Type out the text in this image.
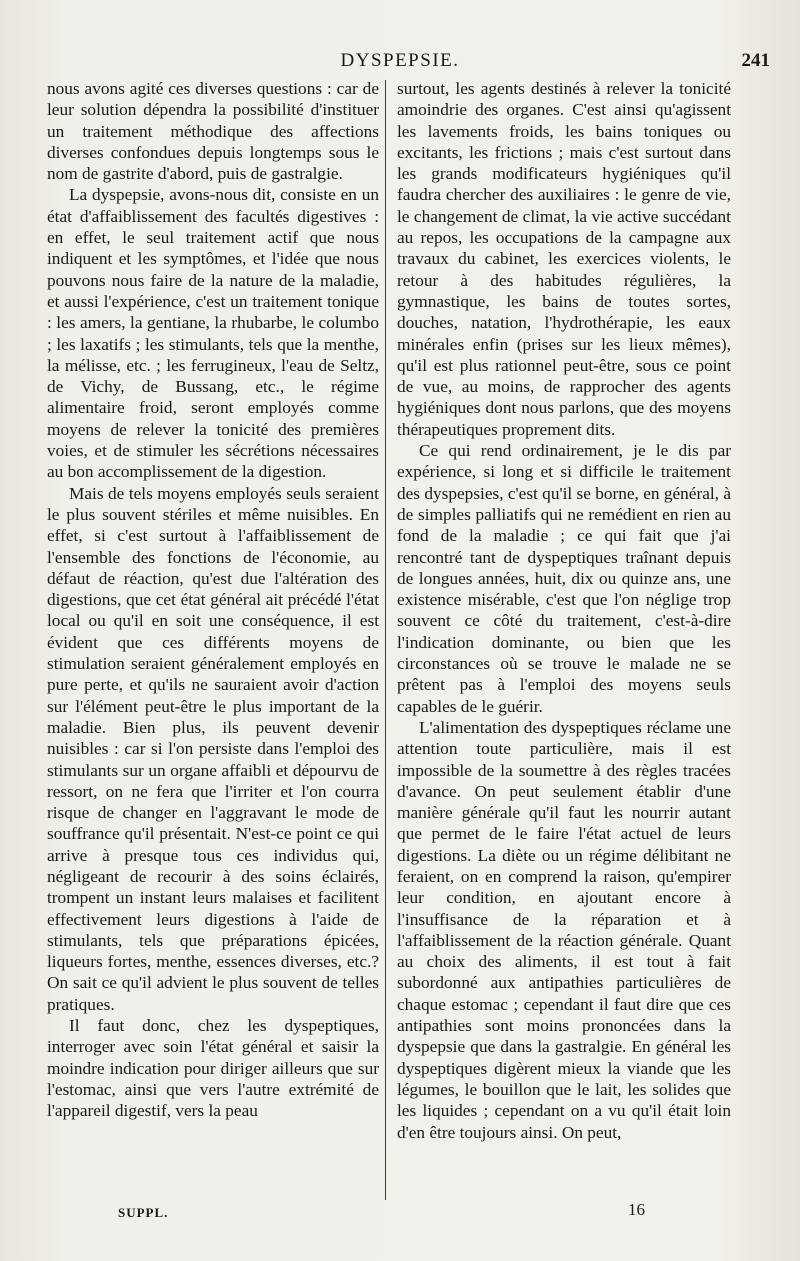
DYSPEPSIE.	241

nous avons agité ces diverses questions : car de leur solution dépendra la possibilité d'instituer un traitement méthodique des affections diverses confondues depuis longtemps sous le nom de gastrite d'abord, puis de gastralgie.

La dyspepsie, avons-nous dit, consiste en un état d'affaiblissement des facultés digestives : en effet, le seul traitement actif que nous indiquent et les symptômes, et l'idée que nous pouvons nous faire de la nature de la maladie, et aussi l'expérience, c'est un traitement tonique : les amers, la gentiane, la rhubarbe, le columbo ; les laxatifs ; les stimulants, tels que la menthe, la mélisse, etc. ; les ferrugineux, l'eau de Seltz, de Vichy, de Bussang, etc., le régime alimentaire froid, seront employés comme moyens de relever la tonicité des premières voies, et de stimuler les sécrétions nécessaires au bon accomplissement de la digestion.

Mais de tels moyens employés seuls seraient le plus souvent stériles et même nuisibles. En effet, si c'est surtout à l'affaiblissement de l'ensemble des fonctions de l'économie, au défaut de réaction, qu'est due l'altération des digestions, que cet état général ait précédé l'état local ou qu'il en soit une conséquence, il est évident que ces différents moyens de stimulation seraient généralement employés en pure perte, et qu'ils ne sauraient avoir d'action sur l'élément peut-être le plus important de la maladie. Bien plus, ils peuvent devenir nuisibles : car si l'on persiste dans l'emploi des stimulants sur un organe affaibli et dépourvu de ressort, on ne fera que l'irriter et l'on courra risque de changer en l'aggravant le mode de souffrance qu'il présentait. N'est-ce point ce qui arrive à presque tous ces individus qui, négligeant de recourir à des soins éclairés, trompent un instant leurs malaises et facilitent effectivement leurs digestions à l'aide de stimulants, tels que préparations épicées, liqueurs fortes, menthe, essences diverses, etc.? On sait ce qu'il advient le plus souvent de telles pratiques.

Il faut donc, chez les dyspeptiques, interroger avec soin l'état général et saisir la moindre indication pour diriger ailleurs que sur l'estomac, ainsi que vers l'autre extrémité de l'appareil digestif, vers la peau

surtout, les agents destinés à relever la tonicité amoindrie des organes. C'est ainsi qu'agissent les lavements froids, les bains toniques ou excitants, les frictions ; mais c'est surtout dans les grands modificateurs hygiéniques qu'il faudra chercher des auxiliaires : le genre de vie, le changement de climat, la vie active succédant au repos, les occupations de la campagne aux travaux du cabinet, les exercices violents, le retour à des habitudes régulières, la gymnastique, les bains de toutes sortes, douches, natation, l'hydrothérapie, les eaux minérales enfin (prises sur les lieux mêmes), qu'il est plus rationnel peut-être, sous ce point de vue, au moins, de rapprocher des agents hygiéniques dont nous parlons, que des moyens thérapeutiques proprement dits.

Ce qui rend ordinairement, je le dis par expérience, si long et si difficile le traitement des dyspepsies, c'est qu'il se borne, en général, à de simples palliatifs qui ne remédient en rien au fond de la maladie ; ce qui fait que j'ai rencontré tant de dyspeptiques traînant depuis de longues années, huit, dix ou quinze ans, une existence misérable, c'est que l'on néglige trop souvent ce côté du traitement, c'est-à-dire l'indication dominante, ou bien que les circonstances où se trouve le malade ne se prêtent pas à l'emploi des moyens seuls capables de le guérir.

L'alimentation des dyspeptiques réclame une attention toute particulière, mais il est impossible de la soumettre à des règles tracées d'avance. On peut seulement établir d'une manière générale qu'il faut les nourrir autant que permet de le faire l'état actuel de leurs digestions. La diète ou un régime délibitant ne feraient, on en comprend la raison, qu'empirer leur condition, en ajoutant encore à l'insuffisance de la réparation et à l'affaiblissement de la réaction générale. Quant au choix des aliments, il est tout à fait subordonné aux antipathies particulières de chaque estomac ; cependant il faut dire que ces antipathies sont moins prononcées dans la dyspepsie que dans la gastralgie. En général les dyspeptiques digèrent mieux la viande que les légumes, le bouillon que le lait, les solides que les liquides ; cependant on a vu qu'il était loin d'en être toujours ainsi. On peut,

SUPPL.	16
